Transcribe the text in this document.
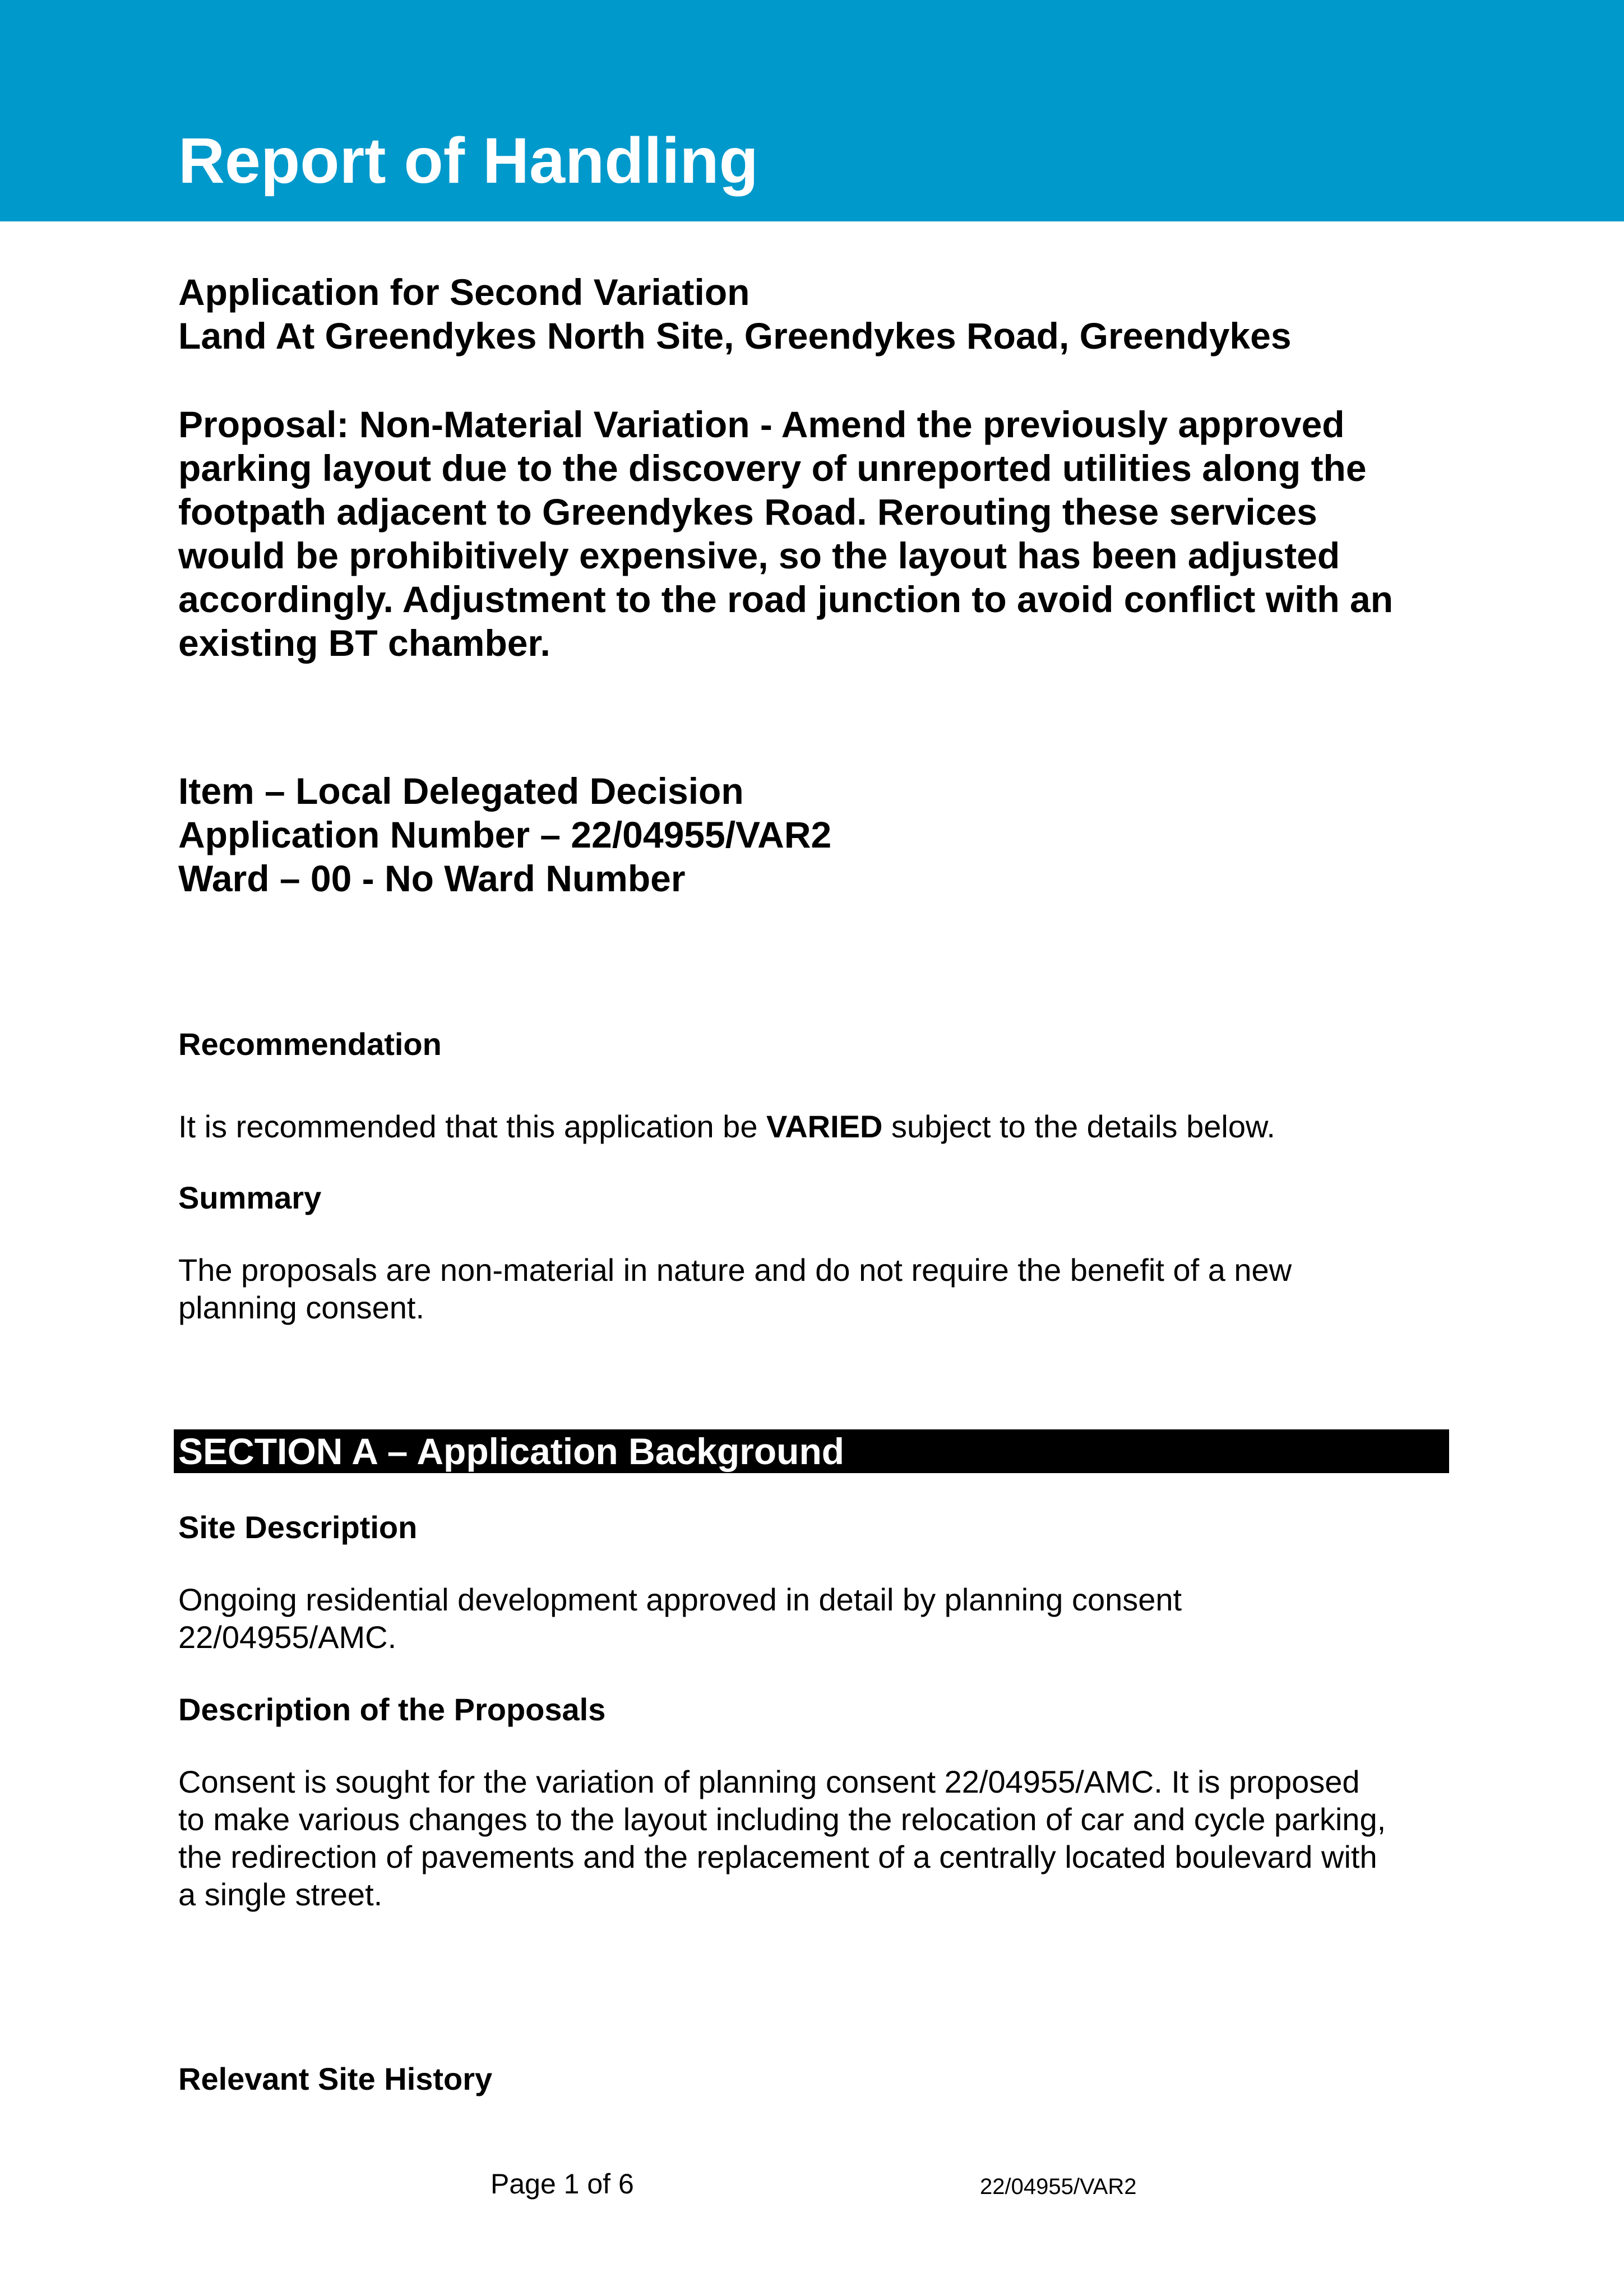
Report of Handling
Application for Second Variation
Land At Greendykes North Site, Greendykes Road, Greendykes
Proposal: Non-Material Variation - Amend the previously approved
parking layout due to the discovery of unreported utilities along the
footpath adjacent to Greendykes Road. Rerouting these services
would be prohibitively expensive, so the layout has been adjusted
accordingly. Adjustment to the road junction to avoid conflict with an
existing BT chamber.
Item – Local Delegated Decision
Application Number – 22/04955/VAR2
Ward – 00 - No Ward Number
Recommendation
It is recommended that this application be VARIED subject to the details below.
Summary
The proposals are non-material in nature and do not require the benefit of a new
planning consent.
SECTION A – Application Background
Site Description
Ongoing residential development approved in detail by planning consent
22/04955/AMC.
Description of the Proposals
Consent is sought for the variation of planning consent 22/04955/AMC. It is proposed
to make various changes to the layout including the relocation of car and cycle parking,
the redirection of pavements and the replacement of a centrally located boulevard with
a single street.
Relevant Site History
Page 1 of 6	22/04955/VAR2
